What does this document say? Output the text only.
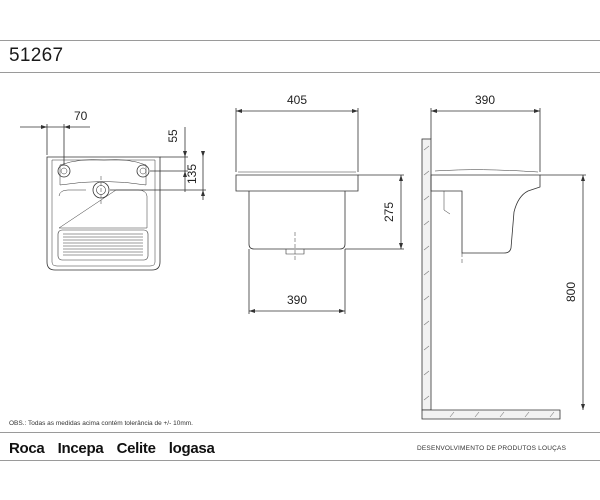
51267
70
55
135
405
390
275
390
800
OBS.: Todas as medidas acima contém tolerância de +/- 10mm.
Roca Incepa Celite logasa	DESENVOLVIMENTO DE PRODUTOS LOUÇAS
